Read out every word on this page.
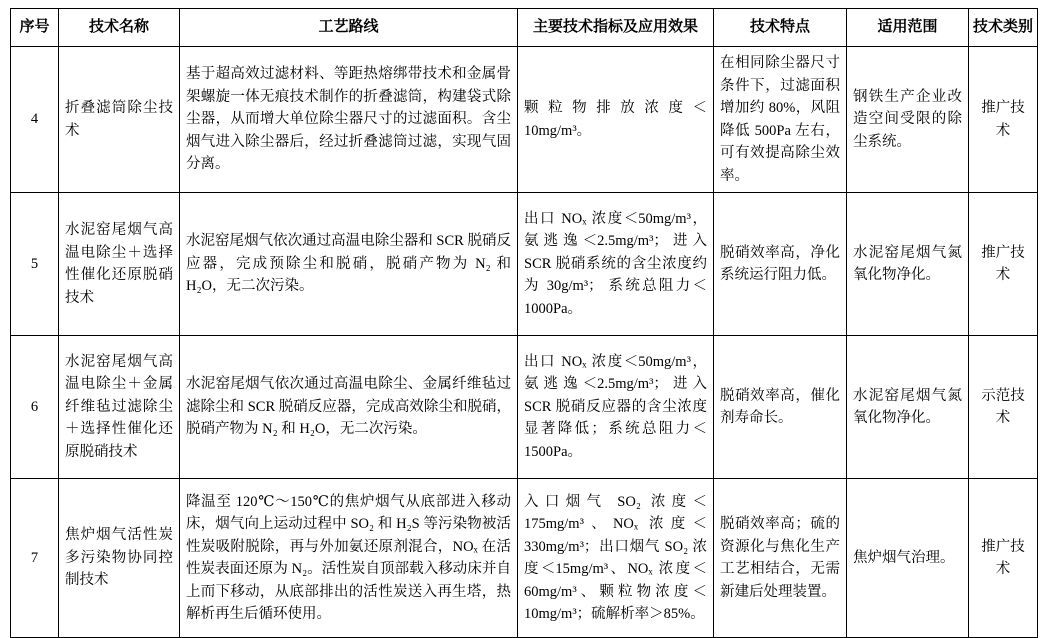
序号	技术名称	工艺路线	主要技术指标及应用效果	技术特点	适用范围	技术类别

4	折叠滤筒除尘技术	基于超高效过滤材料、等距热熔绑带技术和金属骨架螺旋一体无痕技术制作的折叠滤筒，构建袋式除尘器，从而增大单位除尘器尺寸的过滤面积。含尘烟气进入除尘器后，经过折叠滤筒过滤，实现气固分离。	颗粒物排放浓度＜10mg/m³。	在相同除尘器尺寸条件下，过滤面积增加约 80%，风阻降低 500Pa 左右，可有效提高除尘效率。	钢铁生产企业改造空间受限的除尘系统。	推广技术

5	水泥窑尾烟气高温电除尘＋选择性催化还原脱硝技术	水泥窑尾烟气依次通过高温电除尘器和 SCR 脱硝反应器，完成预除尘和脱硝，脱硝产物为 N₂ 和 H₂O，无二次污染。	出口 NOₓ 浓度＜50mg/m³，氨逃逸＜2.5mg/m³；进入 SCR 脱硝系统的含尘浓度约为 30g/m³； 系统总阻力＜1000Pa。	脱硝效率高，净化系统运行阻力低。	水泥窑尾烟气氮氧化物净化。	推广技术

6	水泥窑尾烟气高温电除尘＋金属纤维毡过滤除尘＋选择性催化还原脱硝技术	水泥窑尾烟气依次通过高温电除尘、金属纤维毡过滤除尘和 SCR 脱硝反应器，完成高效除尘和脱硝，脱硝产物为 N₂ 和 H₂O，无二次污染。	出口 NOₓ 浓度＜50mg/m³，氨逃逸＜2.5mg/m³；进入 SCR 脱硝反应器的含尘浓度显著降低；系统总阻力＜1500Pa。	脱硝效率高，催化剂寿命长。	水泥窑尾烟气氮氧化物净化。	示范技术

7	焦炉烟气活性炭多污染物协同控制技术	降温至 120℃～150℃的焦炉烟气从底部进入移动床，烟气向上运动过程中 SO₂ 和 H₂S 等污染物被活性炭吸附脱除，再与外加氨还原剂混合，NOₓ 在活性炭表面还原为 N₂。活性炭自顶部载入移动床并自上而下移动，从底部排出的活性炭送入再生塔，热解析再生后循环使用。	入口烟气 SO₂ 浓度＜175mg/m³、NOₓ 浓度＜330mg/m³；出口烟气 SO₂ 浓度＜15mg/m³、NOₓ 浓度＜60mg/m³、颗粒物浓度＜10mg/m³；硫解析率＞85%。	脱硝效率高；硫的资源化与焦化生产工艺相结合，无需新建后处理装置。	焦炉烟气治理。	推广技术
